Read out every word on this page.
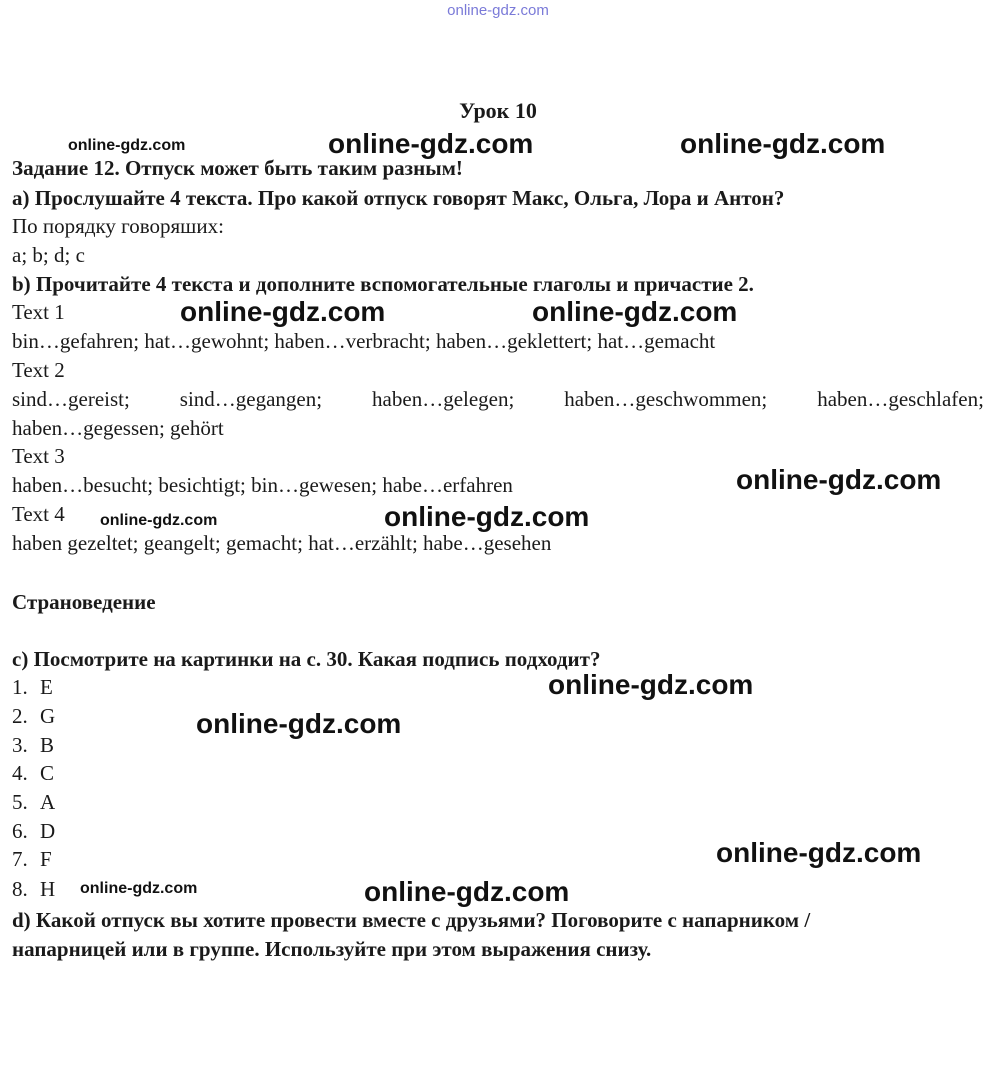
online-gdz.com
Урок 10
Задание 12. Отпуск может быть таким разным!
a) Прослушайте 4 текста. Про какой отпуск говорят Макс, Ольга, Лора и Антон?
По порядку говоряших:
a; b; d; c
b) Прочитайте 4 текста и дополните вспомогательные глаголы и причастие 2.
Text 1
bin…gefahren; hat…gewohnt; haben…verbracht; haben…geklettert; hat…gemacht
Text 2
sind…gereist; sind…gegangen; haben…gelegen; haben…geschwommen; haben…geschlafen;
haben…gegessen; gehört
Text 3
haben…besucht; besichtigt; bin…gewesen; habe…erfahren
Text 4
haben gezeltet; geangelt; gemacht; hat…erzählt; habe…gesehen
Страноведение
c) Посмотрите на картинки на с. 30. Какая подпись подходит?
1. E
2. G
3. B
4. C
5. A
6. D
7. F
8. H
d) Какой отпуск вы хотите провести вместе с друзьями? Поговорите с напарником /
напарницей или в группе. Используйте при этом выражения снизу.
online-gdz.com	online-gdz.com	online-gdz.com
online-gdz.com	online-gdz.com
online-gdz.com
online-gdz.com	online-gdz.com
online-gdz.com
online-gdz.com
online-gdz.com
online-gdz.com	online-gdz.com
